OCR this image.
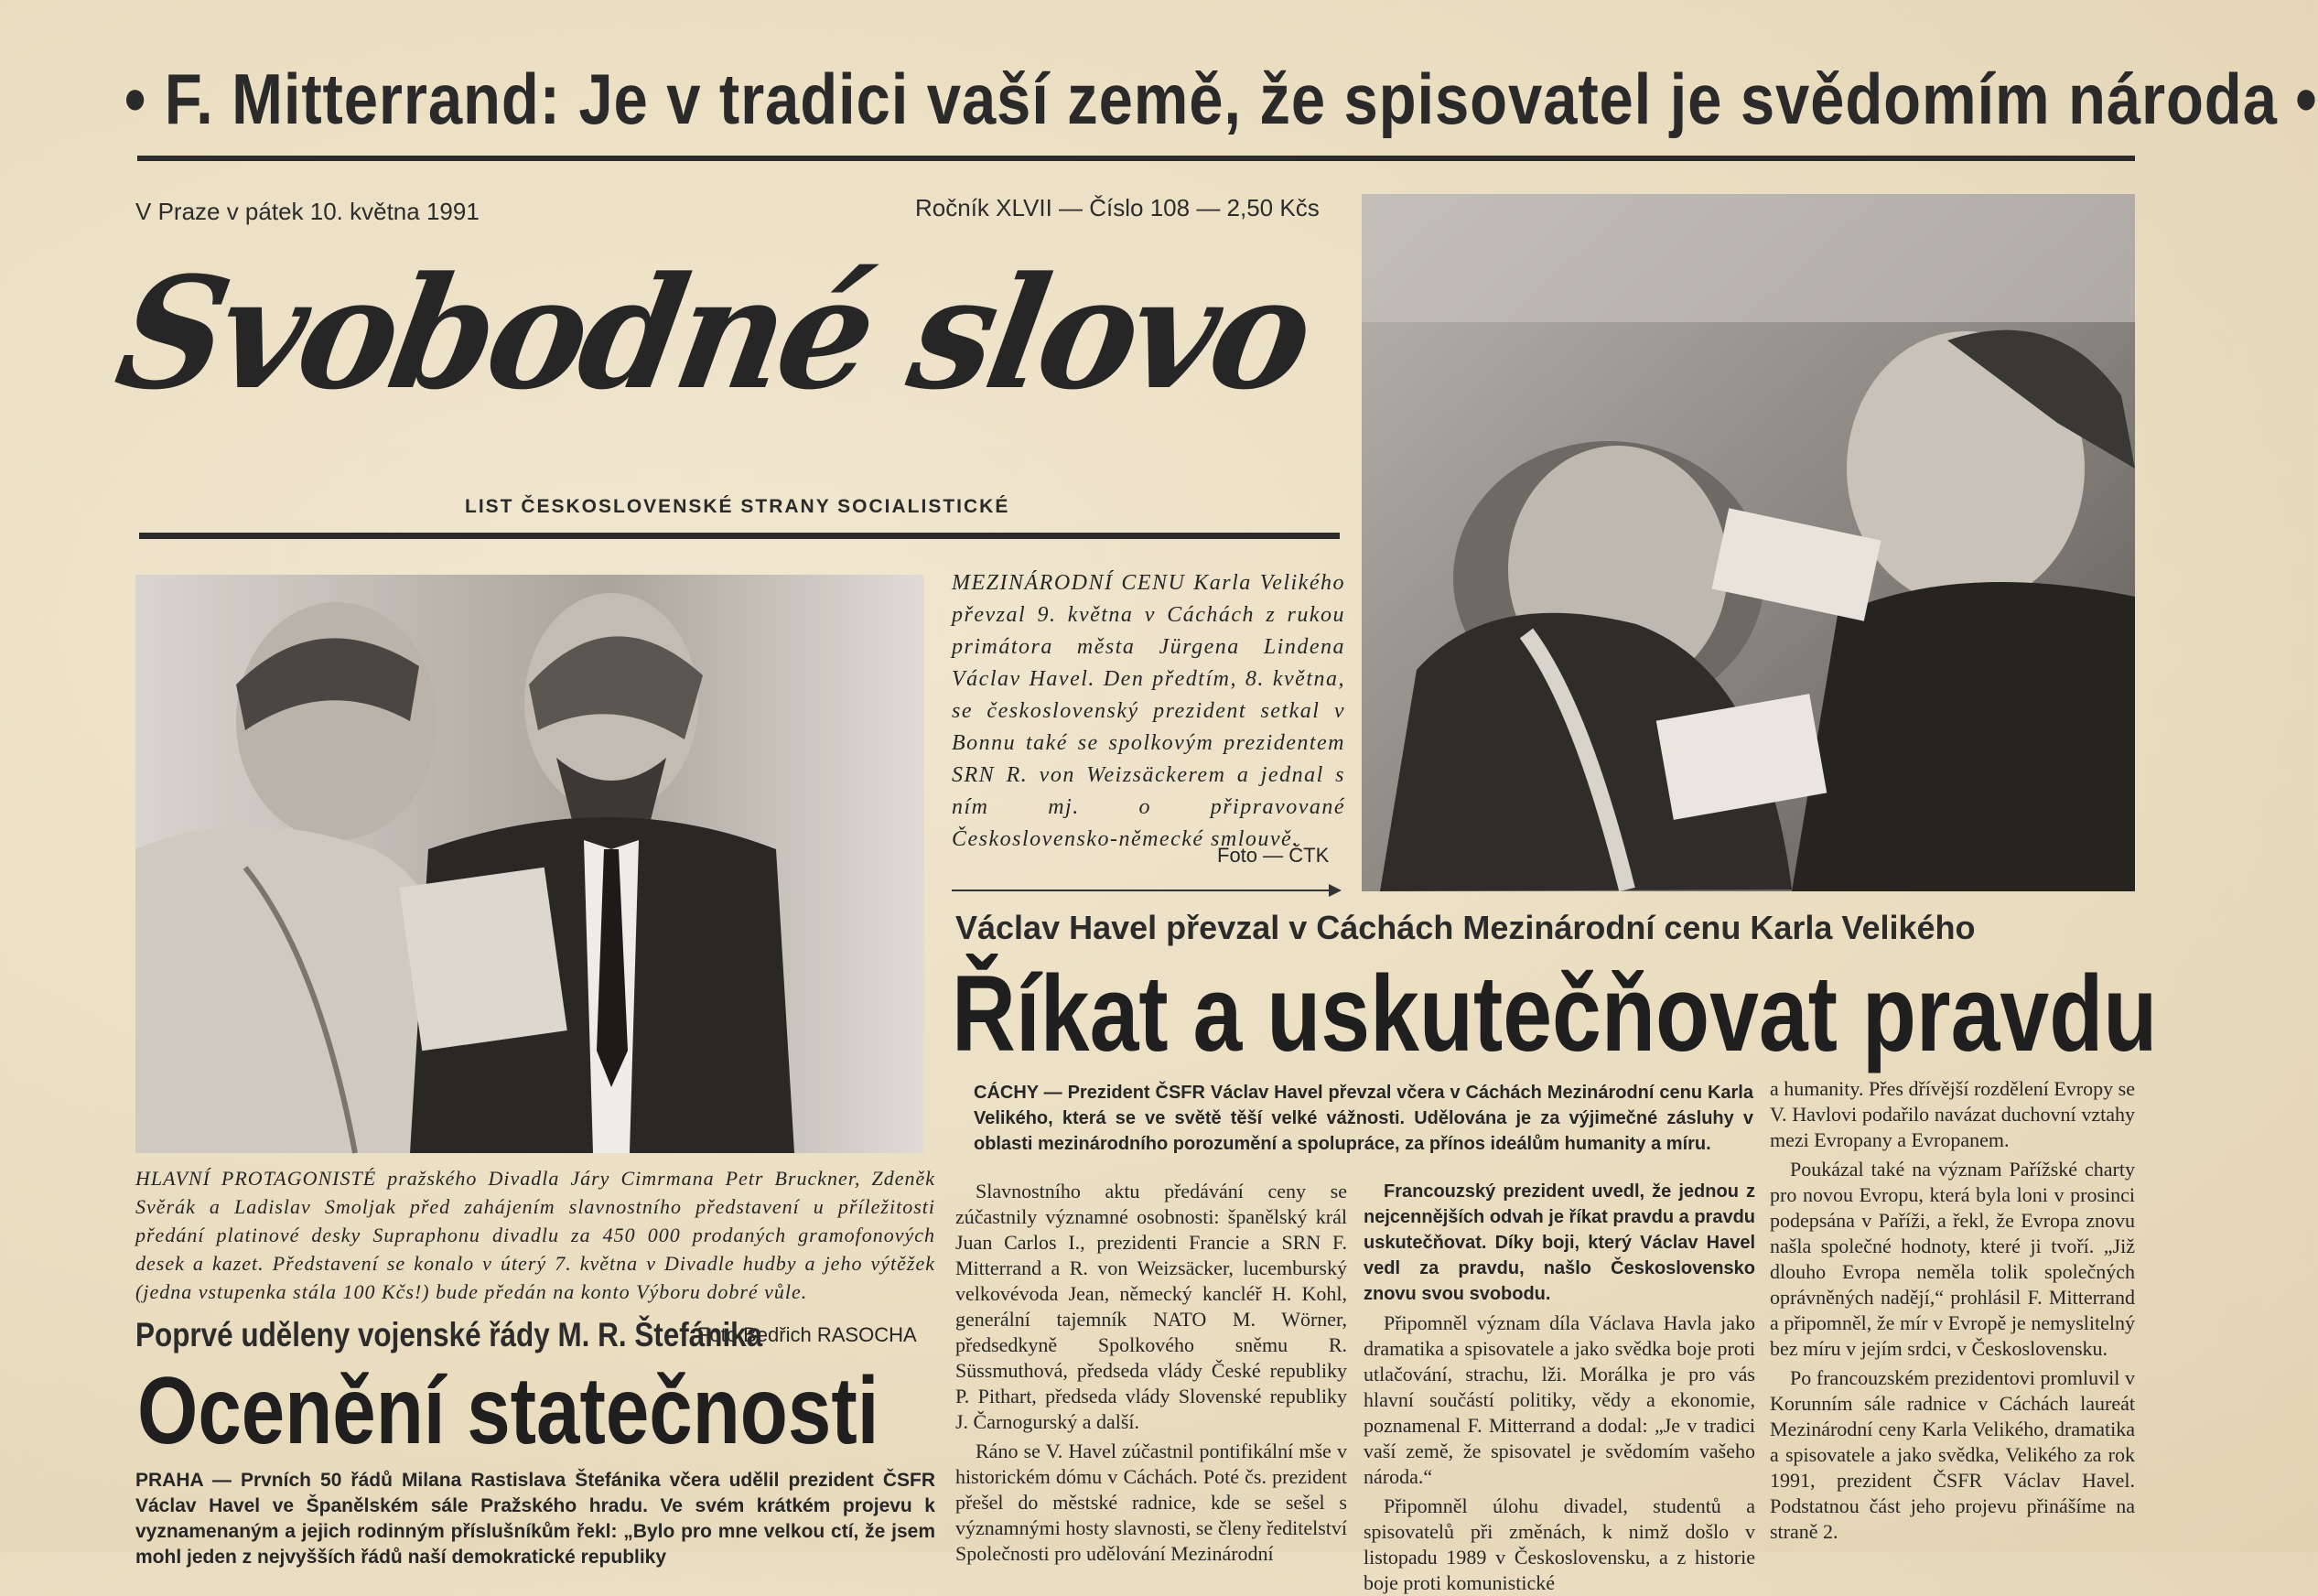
• F. Mitterrand: Je v tradici vaší země, že spisovatel je svědomím národa •
V Praze v pátek 10. května 1991	Ročník XLVII — Číslo 108 — 2,50 Kčs
Svobodné slovo
LIST ČESKOSLOVENSKÉ STRANY SOCIALISTICKÉ
MEZINÁRODNÍ CENU Karla Velikého převzal 9. května v Cáchách z rukou primátora města Jürgena Lindena Václav Havel. Den předtím, 8. května, se československý prezident setkal v Bonnu také se spolkovým prezidentem SRN R. von Weizsäckerem a jednal s ním mj. o připravované Československo-německé smlouvě.
Foto — ČTK
HLAVNÍ PROTAGONISTÉ pražského Divadla Járy Cimrmana Petr Bruckner, Zdeněk Svěrák a Ladislav Smoljak před zahájením slavnostního představení u příležitosti předání platinové desky Supraphonu divadlu za 450 000 prodaných gramofonových desek a kazet. Představení se konalo v úterý 7. května v Divadle hudby a jeho výtěžek (jedna vstupenka stála 100 Kčs!) bude předán na konto Výboru dobré vůle.
Foto Bedřich RASOCHA
Poprvé uděleny vojenské řády M. R. Štefánika
Ocenění statečnosti
PRAHA — Prvních 50 řádů Milana Rastislava Štefánika včera udělil prezident ČSFR Václav Havel ve Španělském sále Pražského hradu. Ve svém krátkém projevu k vyznamenaným a jejich rodinným příslušníkům řekl: „Bylo pro mne velkou ctí, že jsem mohl jeden z nejvyšších řádů naší demokratické republiky
Václav Havel převzal v Cáchách Mezinárodní cenu Karla Velikého
Říkat a uskutečňovat pravdu
CÁCHY — Prezident ČSFR Václav Havel převzal včera v Cáchách Mezinárodní cenu Karla Velikého, která se ve světě těší velké vážnosti. Udělována je za výjimečné zásluhy v oblasti mezinárodního porozumění a spolupráce, za přínos ideálům humanity a míru.
Slavnostního aktu předávání ceny se zúčastnily významné osobnosti: španělský král Juan Carlos I., prezidenti Francie a SRN F. Mitterrand a R. von Weizsäcker, lucemburský velkovévoda Jean, německý kancléř H. Kohl, generální tajemník NATO M. Wörner, předsedkyně Spolkového sněmu R. Süssmuthová, předseda vlády České republiky P. Pithart, předseda vlády Slovenské republiky J. Čarnogurský a další.
Ráno se V. Havel zúčastnil pontifikální mše v historickém dómu v Cáchách. Poté čs. prezident přešel do městské radnice, kde se sešel s významnými hosty slavnosti, se členy ředitelství Společnosti pro udělování Mezinárodní
Francouzský prezident uvedl, že jednou z nejcennějších odvah je říkat pravdu a pravdu uskutečňovat. Díky boji, který Václav Havel vedl za pravdu, našlo Československo znovu svou svobodu.
Připomněl význam díla Václava Havla jako dramatika a spisovatele a jako svědka boje proti utlačování, strachu, lži. Morálka je pro vás hlavní součástí politiky, vědy a ekonomie, poznamenal F. Mitterrand a dodal: „Je v tradici vaší země, že spisovatel je svědomím vašeho národa.“
Připomněl úlohu divadel, studentů a spisovatelů při změnách, k nimž došlo v listopadu 1989 v Československu, a z historie boje proti komunistické
a humanity. Přes dřívější rozdělení Evropy se V. Havlovi podařilo navázat duchovní vztahy mezi Evropany a Evropanem.
Poukázal také na význam Pařížské charty pro novou Evropu, která byla loni v prosinci podepsána v Paříži, a řekl, že Evropa znovu našla společné hodnoty, které ji tvoří. „Již dlouho Evropa neměla tolik společných oprávněných nadějí,“ prohlásil F. Mitterrand a připomněl, že mír v Evropě je nemyslitelný bez míru v jejím srdci, v Československu.
Po francouzském prezidentovi promluvil v Korunním sále radnice v Cáchách laureát Mezinárodní ceny Karla Velikého, dramatika a spisovatele a jako svědka, Velikého za rok 1991, prezident ČSFR Václav Havel. Podstatnou část jeho projevu přinášíme na straně 2.
